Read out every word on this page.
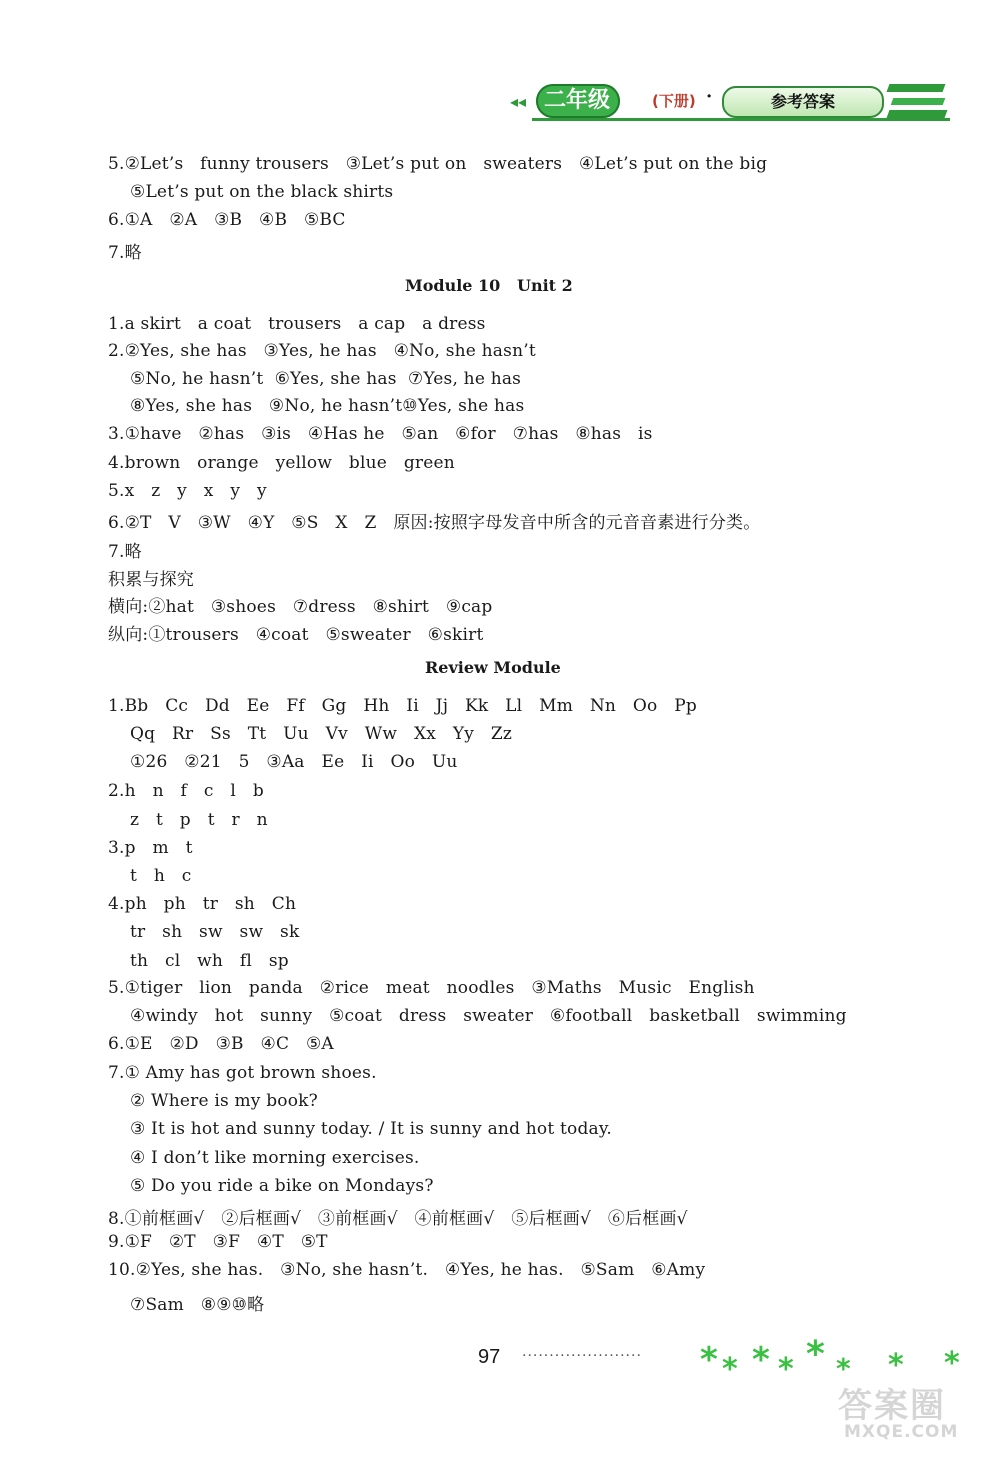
◂◂ 二年级	(下册) ·	参考答案
5.②Let’s   funny trousers   ③Let’s put on   sweaters   ④Let’s put on the big
⑤Let’s put on the black shirts
6.①A   ②A   ③B   ④B   ⑤BC
7.略
Module 10   Unit 2
1.a skirt   a coat   trousers   a cap   a dress
2.②Yes, she has   ③Yes, he has   ④No, she hasn’t
⑤No, he hasn’t  ⑥Yes, she has  ⑦Yes, he has
⑧Yes, she has   ⑨No, he hasn’t⑩Yes, she has
3.①have   ②has   ③is   ④Has he   ⑤an   ⑥for   ⑦has   ⑧has   is
4.brown   orange   yellow   blue   green
5.x   z   y   x   y   y
6.②T   V   ③W   ④Y   ⑤S   X   Z   原因:按照字母发音中所含的元音音素进行分类。
7.略
积累与探究
横向:②hat   ③shoes   ⑦dress   ⑧shirt   ⑨cap
纵向:①trousers   ④coat   ⑤sweater   ⑥skirt
Review Module
1.Bb   Cc   Dd   Ee   Ff   Gg   Hh   Ii   Jj   Kk   Ll   Mm   Nn   Oo   Pp
Qq   Rr   Ss   Tt   Uu   Vv   Ww   Xx   Yy   Zz
①26   ②21   5   ③Aa   Ee   Ii   Oo   Uu
2.h   n   f   c   l   b
z   t   p   t   r   n
3.p   m   t
t   h   c
4.ph   ph   tr   sh   Ch
tr   sh   sw   sw   sk
th   cl   wh   fl   sp
5.①tiger   lion   panda   ②rice   meat   noodles   ③Maths   Music   English
④windy   hot   sunny   ⑤coat   dress   sweater   ⑥football   basketball   swimming
6.①E   ②D   ③B   ④C   ⑤A
7.① Amy has got brown shoes.
② Where is my book?
③ It is hot and sunny today. / It is sunny and hot today.
④ I don’t like morning exercises.
⑤ Do you ride a bike on Mondays?
8.①前框画√   ②后框画√   ③前框画√   ④前框画√   ⑤后框画√   ⑥后框画√
9.①F   ②T   ③F   ④T   ⑤T
10.②Yes, she has.   ③No, she hasn’t.   ④Yes, he has.   ⑤Sam   ⑥Amy
⑦Sam   ⑧⑨⑩略
97 ...................... * * * * * * * *
答案圈
MXQE.COM
